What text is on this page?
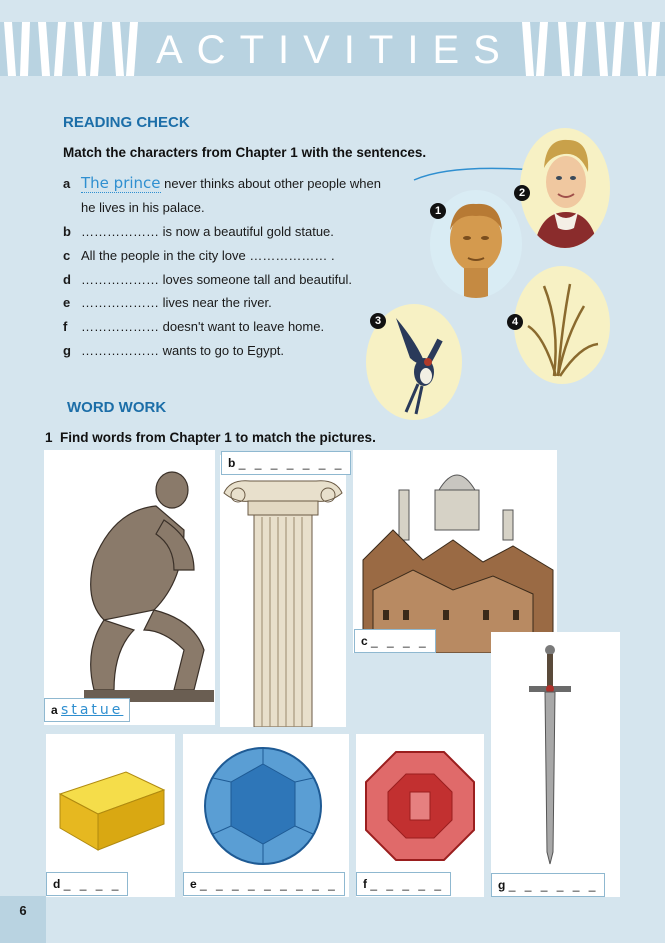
ACTIVITIES
READING CHECK
Match the characters from Chapter 1 with the sentences.
a The prince never thinks about other people when
he lives in his palace.
b ……………… is now a beautiful gold statue.
c All the people in the city love ……………… .
d ……………… loves someone tall and beautiful.
e ……………… lives near the river.
f ……………… doesn't want to leave home.
g ……………… wants to go to Egypt.
1
2
3	4
WORD WORK
1 Find words from Chapter 1 to match the pictures.
a statue
b _ _ _ _ _ _ _
c _ _ _ _
g _ _ _ _ _ _
d _ _ _ _	e _ _ _ _ _ _ _ _ _	f _ _ _ _ _
6
